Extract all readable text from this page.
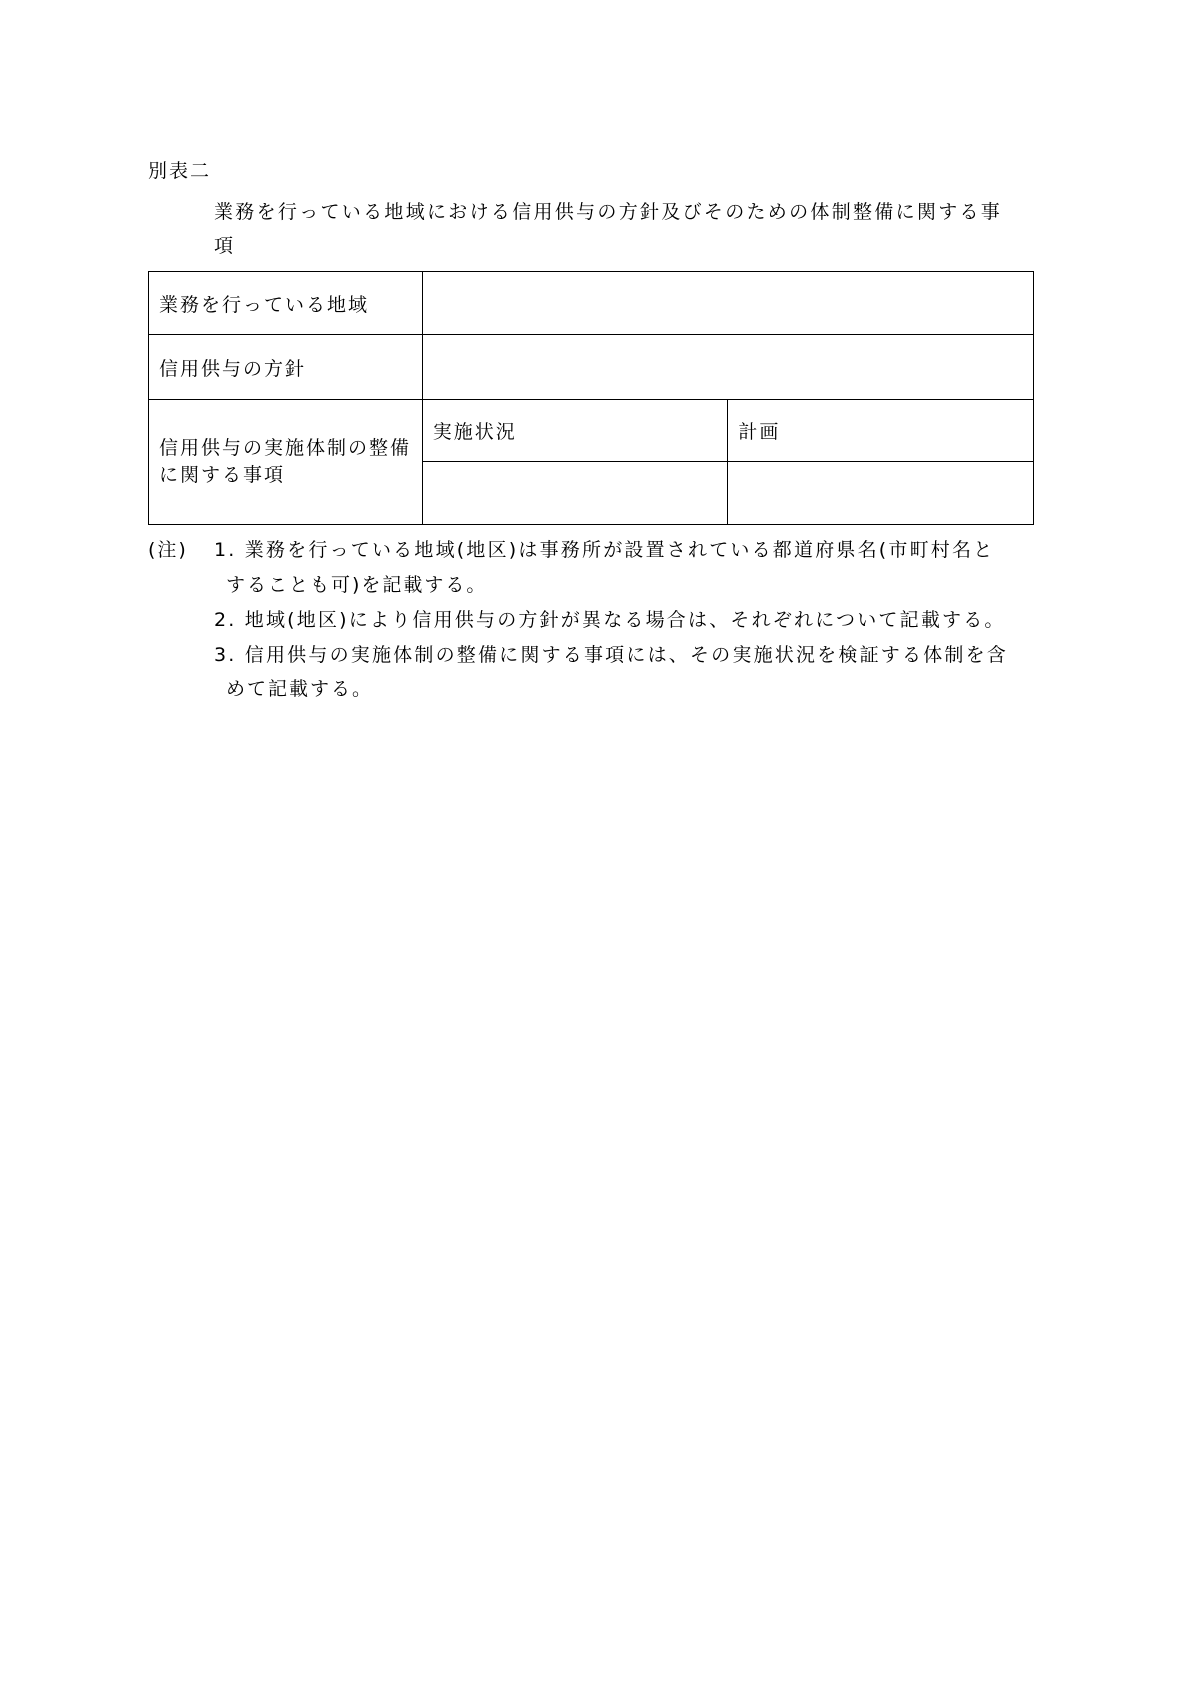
別表二
業務を行っている地域における信用供与の方針及びそのための体制整備に関する事
項
業務を行っている地域		
信用供与の方針		
信用供与の実施体制の整備に関する事項	実施状況	計画

(注) 1. 業務を行っている地域(地区)は事務所が設置されている都道府県名(市町村名と
することも可)を記載する。
2. 地域(地区)により信用供与の方針が異なる場合は、それぞれについて記載する。
3. 信用供与の実施体制の整備に関する事項には、その実施状況を検証する体制を含
めて記載する。
